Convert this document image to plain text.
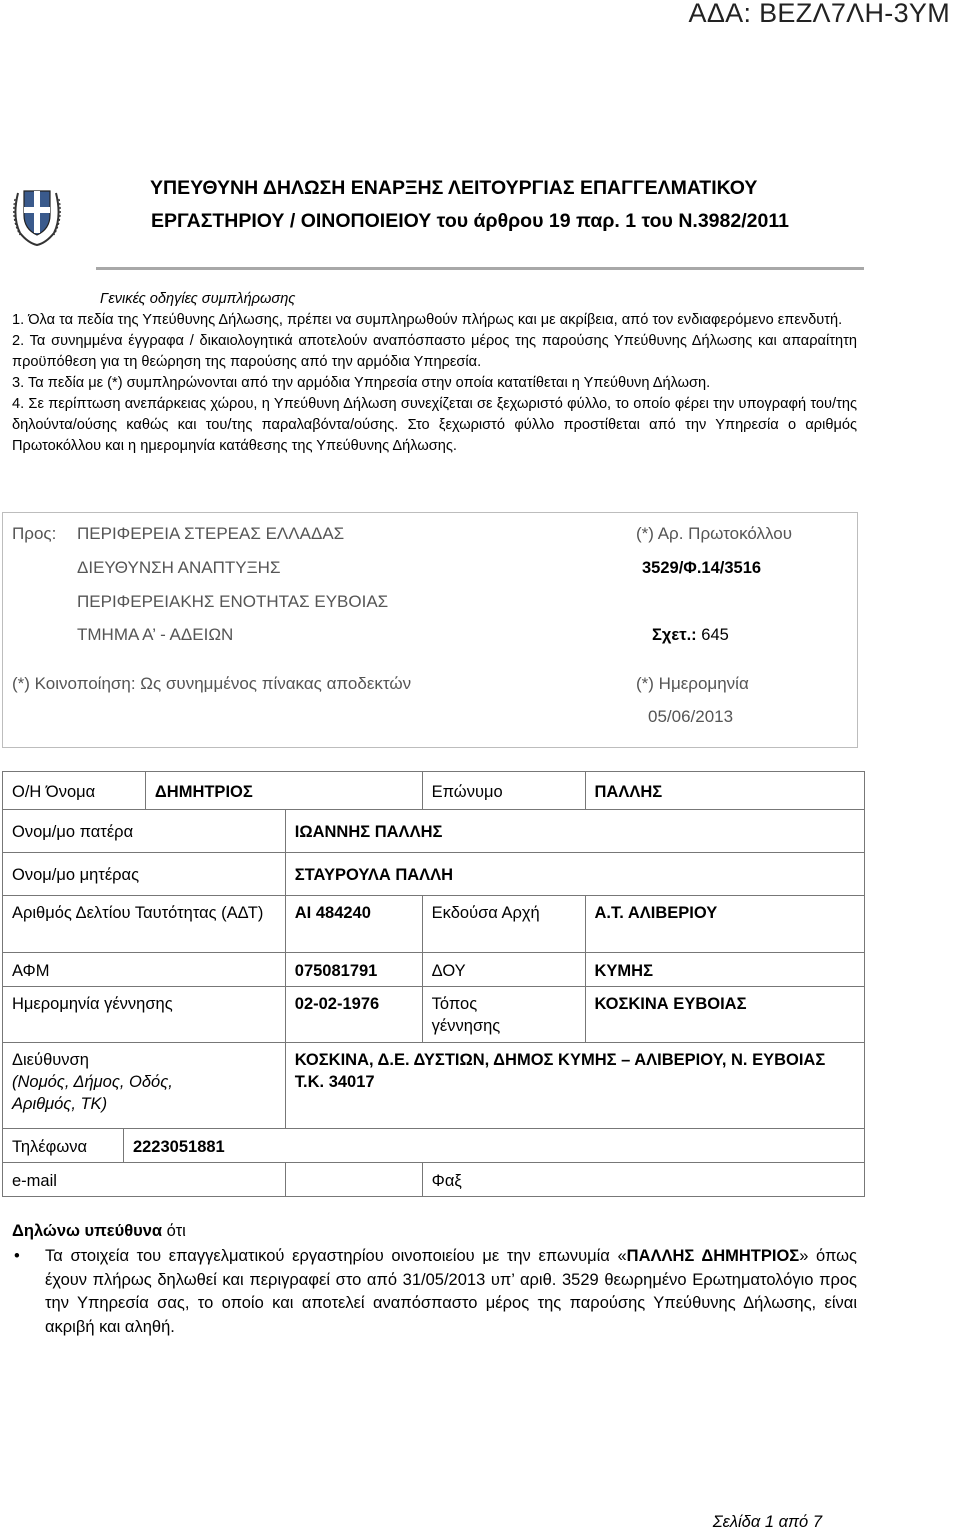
ΑΔΑ: ΒΕΖΛ7ΛΗ-3ΥΜ
ΥΠΕΥΘΥΝΗ ΔΗΛΩΣΗ ΕΝΑΡΞΗΣ ΛΕΙΤΟΥΡΓΙΑΣ ΕΠΑΓΓΕΛΜΑΤΙΚΟΥ
ΕΡΓΑΣΤΗΡΙΟΥ / ΟΙΝΟΠΟΙΕΙΟΥ του άρθρου 19 παρ. 1 του Ν.3982/2011

Γενικές οδηγίες συμπλήρωσης

1. Όλα τα πεδία της Υπεύθυνης Δήλωσης, πρέπει να συμπληρωθούν πλήρως και με ακρίβεια, από τον ενδιαφερόμενο επενδυτή.

2. Τα συνημμένα έγγραφα / δικαιολογητικά αποτελούν αναπόσπαστο μέρος της παρούσης Υπεύθυνης Δήλωσης και απαραίτητη προϋπόθεση για τη θεώρηση της παρούσης από την αρμόδια Υπηρεσία.

3. Τα πεδία με (*) συμπληρώνονται από την αρμόδια Υπηρεσία στην οποία κατατίθεται η Υπεύθυνη Δήλωση.

4. Σε περίπτωση ανεπάρκειας χώρου, η Υπεύθυνη Δήλωση συνεχίζεται σε ξεχωριστό φύλλο, το οποίο φέρει την υπογραφή του/της δηλούντα/ούσης καθώς και του/της παραλαβόντα/ούσης. Στο ξεχωριστό φύλλο προστίθεται από την Υπηρεσία ο αριθμός Πρωτοκόλλου και η ημερομηνία κατάθεσης της Υπεύθυνης Δήλωσης.

Προς: ΠΕΡΙΦΕΡΕΙΑ ΣΤΕΡΕΑΣ ΕΛΛΑΔΑΣ
ΔΙΕΥΘΥΝΣΗ ΑΝΑΠΤΥΞΗΣ
ΠΕΡΙΦΕΡΕΙΑΚΗΣ ΕΝΟΤΗΤΑΣ ΕΥΒΟΙΑΣ
ΤΜΗΜΑ Α’ - ΑΔΕΙΩΝ
(*) Κοινοποίηση: Ως συνημμένος πίνακας αποδεκτών
(*) Αρ. Πρωτοκόλλου
3529/Φ.14/3516
Σχετ.: 645
(*) Ημερομηνία
05/06/2013
Ο/Η Όνομα		ΔΗΜΗΤΡΙΟΣ		Επώνυμο	ΠΑΛΛΗΣ
Ονομ/μο πατέρα			ΙΩΑΝΝΗΣ ΠΑΛΛΗΣ		
Ονομ/μο μητέρας			ΣΤΑΥΡΟΥΛΑ ΠΑΛΛΗ		
Αριθμός Δελτίου Ταυτότητας (ΑΔΤ)			ΑΙ 484240	Εκδούσα Αρχή	Α.Τ. ΑΛΙΒΕΡΙΟΥ
ΑΦΜ			075081791	ΔΟΥ	ΚΥΜΗΣ
Ημερομηνία γέννησης			02-02-1976	Τόπος γέννησης	ΚΟΣΚΙΝΑ ΕΥΒΟΙΑΣ

Διεύθυνση
(Νομός, Δήμος, Οδός, Αριθμός, ΤΚ)			ΚΟΣΚΙΝΑ, Δ.Ε. ΔΥΣΤΙΩΝ, ΔΗΜΟΣ ΚΥΜΗΣ – ΑΛΙΒΕΡΙΟΥ, Ν. ΕΥΒΟΙΑΣ Τ.Κ. 34017		
Τηλέφωνα	2223051881				
e-mail				Φαξ	
Δηλώνω υπεύθυνα ότι
• Τα στοιχεία του επαγγελματικού εργαστηρίου οινοποιείου με την επωνυμία «ΠΑΛΛΗΣ ΔΗΜΗΤΡΙΟΣ» όπως έχουν πλήρως δηλωθεί και περιγραφεί στο από 31/05/2013 υπ’ αριθ. 3529 θεωρημένο Ερωτηματολόγιο προς την Υπηρεσία σας, το οποίο και αποτελεί αναπόσπαστο μέρος της παρούσης Υπεύθυνης Δήλωσης, είναι ακριβή και αληθή.
Σελίδα 1 από 7
